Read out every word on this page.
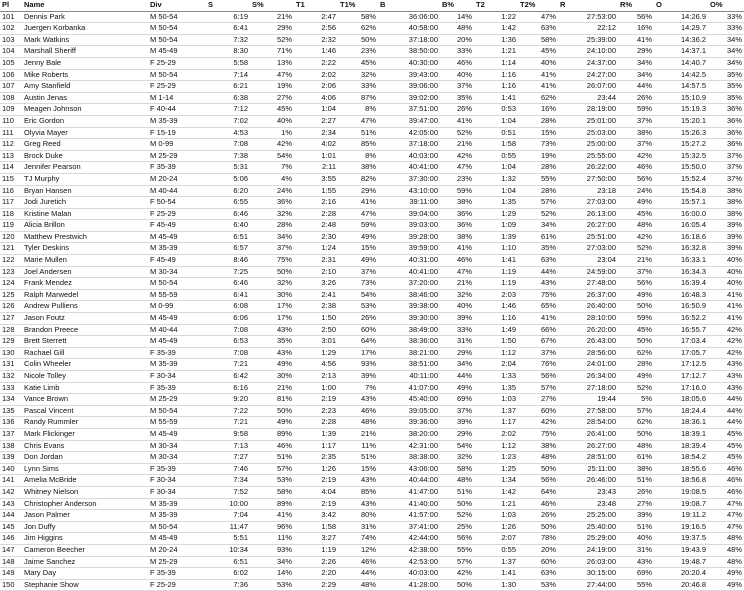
Pl	Name	Div	S	S%	T1	T1%	B	B%	T2	T2%	R	R%	O	O%
101	Dennis Park	M 50-54	6:19	21%	2:47	58%	36:06:00	14%	1:22	47%	27:53:00	56%	14:26.9	33%
102	Juergen Korbanka	M 50-54	6:41	29%	2:56	62%	40:58:00	48%	1:42	63%	22:12	16%	14:29.7	33%
103	Mark Watkins	M 50-54	7:32	52%	2:32	50%	37:18:00	20%	1:36	58%	25:39:00	41%	14:36.2	34%
104	Marshall Sheriff	M 45-49	8:30	71%	1:46	23%	38:50:00	33%	1:21	45%	24:10:00	29%	14:37.1	34%
105	Jenny Bale	F 25-29	5:58	13%	2:22	45%	40:30:00	46%	1:14	40%	24:37:00	34%	14:40.7	34%
106	Mike Roberts	M 50-54	7:14	47%	2:02	32%	39:43:00	40%	1:16	41%	24:27:00	34%	14:42.5	35%
107	Amy Stanfield	F 25-29	6:21	19%	2:06	33%	39:06:00	37%	1:16	41%	26:07:00	44%	14:57.5	35%
108	Austin Jenas	M 1-14	6:38	27%	4:06	87%	39:02:00	35%	1:41	62%	23:44	26%	15:10.9	35%
109	Meagen Johnson	F 40-44	7:12	45%	1:04	8%	37:51:00	26%	0:53	16%	28:19:00	59%	15:19.3	36%
110	Eric Gordon	M 35-39	7:02	40%	2:27	47%	39:47:00	41%	1:04	28%	25:01:00	37%	15:20.1	36%
111	Olyvia Mayer	F 15-19	4:53	1%	2:34	51%	42:05:00	52%	0:51	15%	25:03:00	38%	15:26.3	36%
112	Greg Reed	M 0-99	7:08	42%	4:02	85%	37:18:00	21%	1:58	73%	25:00:00	37%	15:27.2	36%
113	Brock Duke	M 25-29	7:38	54%	1:01	8%	40:03:00	42%	0:55	19%	25:55:00	42%	15:32.5	37%
114	Jennifer Pearson	F 35-39	5:31	7%	2:11	38%	40:41:00	47%	1:04	28%	26:22:00	46%	15:50.0	37%
115	TJ Murphy	M 20-24	5:06	4%	3:55	82%	37:30:00	23%	1:32	55%	27:50:00	56%	15:52.4	37%
116	Bryan Hansen	M 40-44	6:20	24%	1:55	29%	43:10:00	59%	1:04	28%	23:18	24%	15:54.8	38%
117	Jodi Juretich	F 50-54	6:55	36%	2:16	41%	39:11:00	38%	1:35	57%	27:03:00	49%	15:57.1	38%
118	Kristine Malan	F 25-29	6:46	32%	2:28	47%	39:04:00	36%	1:29	52%	26:13:00	45%	16:00.0	38%
119	Alicia Brillon	F 45-49	6:40	28%	2:48	59%	39:03:00	36%	1:09	34%	26:27:00	48%	16:05.4	39%
120	Matthew Prestwich	M 45-49	6:51	34%	2:30	49%	39:28:00	38%	1:39	61%	25:51:00	42%	16:18.6	39%
121	Tyler Deskins	M 35-39	6:57	37%	1:24	15%	39:59:00	41%	1:10	35%	27:03:00	52%	16:32.8	39%
122	Marie Mullen	F 45-49	8:46	75%	2:31	49%	40:31:00	46%	1:41	63%	23:04	21%	16:33.1	40%
123	Joel Andersen	M 30-34	7:25	50%	2:10	37%	40:41:00	47%	1:19	44%	24:59:00	37%	16:34.3	40%
124	Frank Mendez	M 50-54	6:46	32%	3:26	73%	37:20:00	21%	1:19	43%	27:48:00	56%	16:39.4	40%
125	Ralph Marwedel	M 55-59	6:41	30%	2:41	54%	38:46:00	32%	2:03	75%	26:37:00	49%	16:48.3	41%
126	Andrew Pulliens	M 0-99	6:08	17%	2:38	53%	39:38:00	40%	1:46	65%	26:40:00	50%	16:50.9	41%
127	Jason Foutz	M 45-49	6:06	17%	1:50	26%	39:30:00	39%	1:16	41%	28:10:00	59%	16:52.2	41%
128	Brandon Preece	M 40-44	7:08	43%	2:50	60%	38:49:00	33%	1:49	66%	26:20:00	45%	16:55.7	42%
129	Brett Sterrett	M 45-49	6:53	35%	3:01	64%	38:36:00	31%	1:50	67%	26:43:00	50%	17:03.4	42%
130	Rachael Gill	F 35-39	7:08	43%	1:29	17%	38:21:00	29%	1:12	37%	28:56:00	62%	17:05.7	42%
131	Colin Wheeler	M 35-39	7:21	49%	4:56	93%	38:51:00	34%	2:04	76%	24:01:00	28%	17:12.5	43%
132	Nicole Tolley	F 30-34	6:42	30%	2:13	39%	40:11:00	44%	1:33	56%	26:34:00	49%	17:12.7	43%
133	Katie Limb	F 35-39	6:16	21%	1:00	7%	41:07:00	49%	1:35	57%	27:18:00	52%	17:16.0	43%
134	Vance Brown	M 25-29	9:20	81%	2:19	43%	45:40:00	69%	1:03	27%	19:44	5%	18:05.6	44%
135	Pascal Vincent	M 50-54	7:22	50%	2:23	46%	39:05:00	37%	1:37	60%	27:58:00	57%	18:24.4	44%
136	Randy Rummler	M 55-59	7:21	49%	2:28	48%	39:36:00	39%	1:17	42%	28:54:00	62%	18:36.1	44%
137	Mark Flickinger	M 45-49	9:58	89%	1:39	21%	38:20:00	29%	2:02	75%	26:41:00	50%	18:39.1	45%
138	Chris Evans	M 30-34	7:13	46%	1:17	11%	42:31:00	54%	1:12	38%	26:27:00	48%	18:39.4	45%
139	Don Jordan	M 30-34	7:27	51%	2:35	51%	38:38:00	32%	1:23	48%	28:51:00	61%	18:54.2	45%
140	Lynn Sims	F 35-39	7:46	57%	1:26	15%	43:06:00	58%	1:25	50%	25:11:00	38%	18:55.6	46%
141	Amelia McBride	F 30-34	7:34	53%	2:19	43%	40:44:00	48%	1:34	56%	26:46:00	51%	18:56.8	46%
142	Whitney Nielson	F 30-34	7:52	58%	4:04	85%	41:47:00	51%	1:42	64%	23:43	26%	19:08.5	46%
143	Christopher Anderson	M 35-39	10:00	89%	2:19	43%	41:40:00	50%	1:21	46%	23:48	27%	19:08.7	47%
144	Jason Palmer	M 35-39	7:04	41%	3:42	80%	41:57:00	52%	1:03	26%	25:25:00	39%	19:11.2	47%
145	Jon Duffy	M 50-54	11:47	96%	1:58	31%	37:41:00	25%	1:26	50%	25:40:00	51%	19:16.5	47%
146	Jim Higgins	M 45-49	5:51	11%	3:27	74%	42:44:00	56%	2:07	78%	25:29:00	40%	19:37.5	48%
147	Cameron Beecher	M 20-24	10:34	93%	1:19	12%	42:38:00	55%	0:55	20%	24:19:00	31%	19:43.9	48%
148	Jaime Sanchez	M 25-29	6:51	34%	2:26	46%	42:53:00	57%	1:37	60%	26:03:00	43%	19:48.7	48%
149	Mary Day	F 35-39	6:02	14%	2:20	44%	40:03:00	42%	1:41	63%	30:15:00	69%	20:20.4	49%
150	Stephanie Show	F 25-29	7:36	53%	2:29	48%	41:28:00	50%	1:30	53%	27:44:00	55%	20:46.8	49%
